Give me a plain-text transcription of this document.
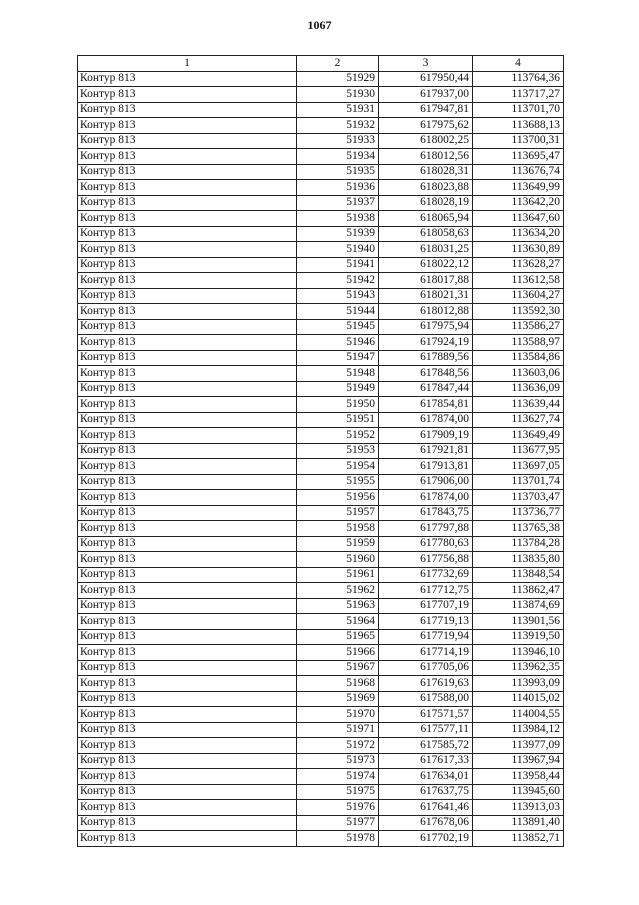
1067
1	2	3	4
Контур 813	51929	617950,44	113764,36
Контур 813	51930	617937,00	113717,27
Контур 813	51931	617947,81	113701,70
Контур 813	51932	617975,62	113688,13
Контур 813	51933	618002,25	113700,31
Контур 813	51934	618012,56	113695,47
Контур 813	51935	618028,31	113676,74
Контур 813	51936	618023,88	113649,99
Контур 813	51937	618028,19	113642,20
Контур 813	51938	618065,94	113647,60
Контур 813	51939	618058,63	113634,20
Контур 813	51940	618031,25	113630,89
Контур 813	51941	618022,12	113628,27
Контур 813	51942	618017,88	113612,58
Контур 813	51943	618021,31	113604,27
Контур 813	51944	618012,88	113592,30
Контур 813	51945	617975,94	113586,27
Контур 813	51946	617924,19	113588,97
Контур 813	51947	617889,56	113584,86
Контур 813	51948	617848,56	113603,06
Контур 813	51949	617847,44	113636,09
Контур 813	51950	617854,81	113639,44
Контур 813	51951	617874,00	113627,74
Контур 813	51952	617909,19	113649,49
Контур 813	51953	617921,81	113677,95
Контур 813	51954	617913,81	113697,05
Контур 813	51955	617906,00	113701,74
Контур 813	51956	617874,00	113703,47
Контур 813	51957	617843,75	113736,77
Контур 813	51958	617797,88	113765,38
Контур 813	51959	617780,63	113784,28
Контур 813	51960	617756,88	113835,80
Контур 813	51961	617732,69	113848,54
Контур 813	51962	617712,75	113862,47
Контур 813	51963	617707,19	113874,69
Контур 813	51964	617719,13	113901,56
Контур 813	51965	617719,94	113919,50
Контур 813	51966	617714,19	113946,10
Контур 813	51967	617705,06	113962,35
Контур 813	51968	617619,63	113993,09
Контур 813	51969	617588,00	114015,02
Контур 813	51970	617571,57	114004,55
Контур 813	51971	617577,11	113984,12
Контур 813	51972	617585,72	113977,09
Контур 813	51973	617617,33	113967,94
Контур 813	51974	617634,01	113958,44
Контур 813	51975	617637,75	113945,60
Контур 813	51976	617641,46	113913,03
Контур 813	51977	617678,06	113891,40
Контур 813	51978	617702,19	113852,71
